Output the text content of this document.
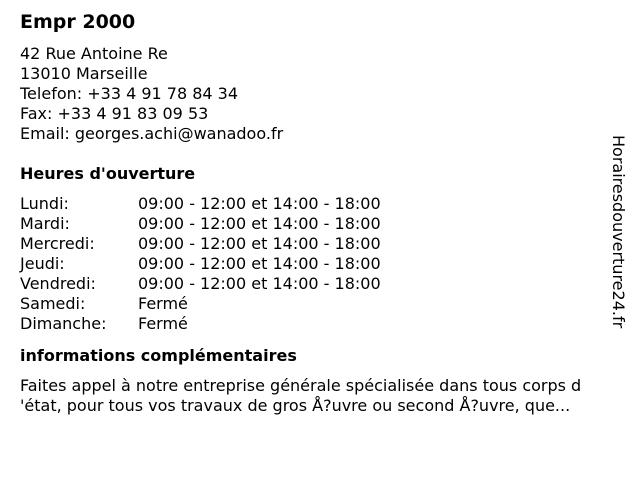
Empr 2000
42 Rue Antoine Re
13010 Marseille
Telefon: +33 4 91 78 84 34
Fax: +33 4 91 83 09 53
Email: georges.achi@wanadoo.fr
Heures d'ouverture
Lundi:	09:00 - 12:00 et 14:00 - 18:00
Mardi:	09:00 - 12:00 et 14:00 - 18:00
Mercredi:	09:00 - 12:00 et 14:00 - 18:00
Jeudi:	09:00 - 12:00 et 14:00 - 18:00
Vendredi:	09:00 - 12:00 et 14:00 - 18:00
Samedi:	Fermé
Dimanche: Fermé
informations complémentaires
Faites appel à notre entreprise générale spécialisée dans tous corps d
'état, pour tous vos travaux de gros Å?uvre ou second Å?uvre, que...
Horairesdouverture24.fr
